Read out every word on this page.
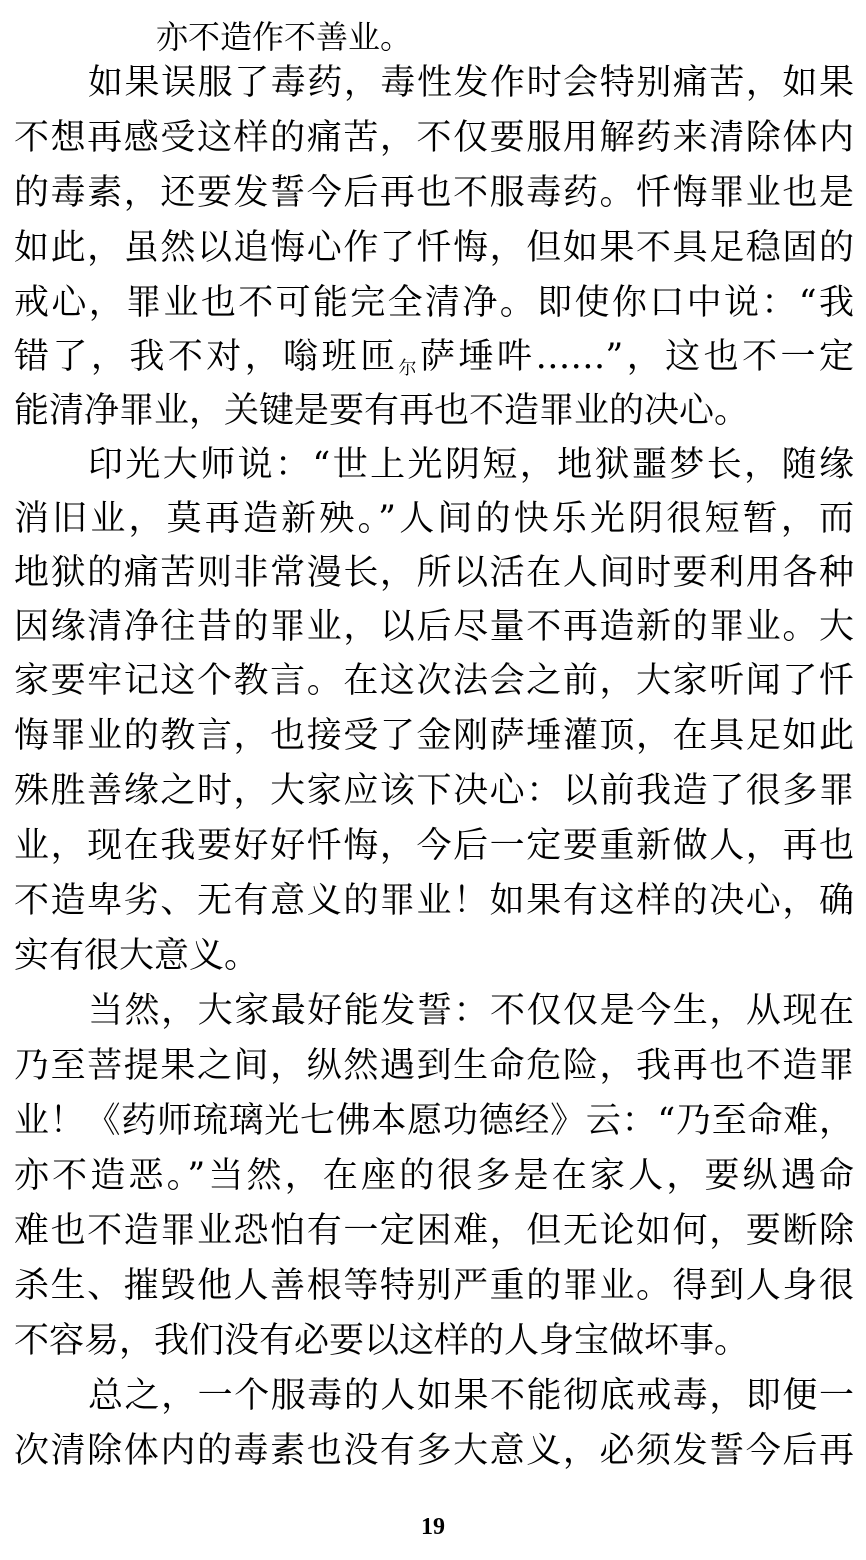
亦不造作不善业。
如果误服了毒药，毒性发作时会特别痛苦，如果
不想再感受这样的痛苦，不仅要服用解药来清除体内
的毒素，还要发誓今后再也不服毒药。忏悔罪业也是
如此，虽然以追悔心作了忏悔，但如果不具足稳固的
戒心，罪业也不可能完全清净。即使你口中说：“我
错了，我不对，嗡班匝$_尔$萨埵吽……”，这也不一定
能清净罪业，关键是要有再也不造罪业的决心。
印光大师说：“世上光阴短，地狱噩梦长，随缘
消旧业，莫再造新殃。”人间的快乐光阴很短暂，而
地狱的痛苦则非常漫长，所以活在人间时要利用各种
因缘清净往昔的罪业，以后尽量不再造新的罪业。大
家要牢记这个教言。在这次法会之前，大家听闻了忏
悔罪业的教言，也接受了金刚萨埵灌顶，在具足如此
殊胜善缘之时，大家应该下决心：以前我造了很多罪
业，现在我要好好忏悔，今后一定要重新做人，再也
不造卑劣、无有意义的罪业！如果有这样的决心，确
实有很大意义。
当然，大家最好能发誓：不仅仅是今生，从现在
乃至菩提果之间，纵然遇到生命危险，我再也不造罪
业！《药师琉璃光七佛本愿功德经》云：“乃至命难，
亦不造恶。”当然，在座的很多是在家人，要纵遇命
难也不造罪业恐怕有一定困难，但无论如何，要断除
杀生、摧毁他人善根等特别严重的罪业。得到人身很
不容易，我们没有必要以这样的人身宝做坏事。
总之，一个服毒的人如果不能彻底戒毒，即便一
次清除体内的毒素也没有多大意义，必须发誓今后再
19
